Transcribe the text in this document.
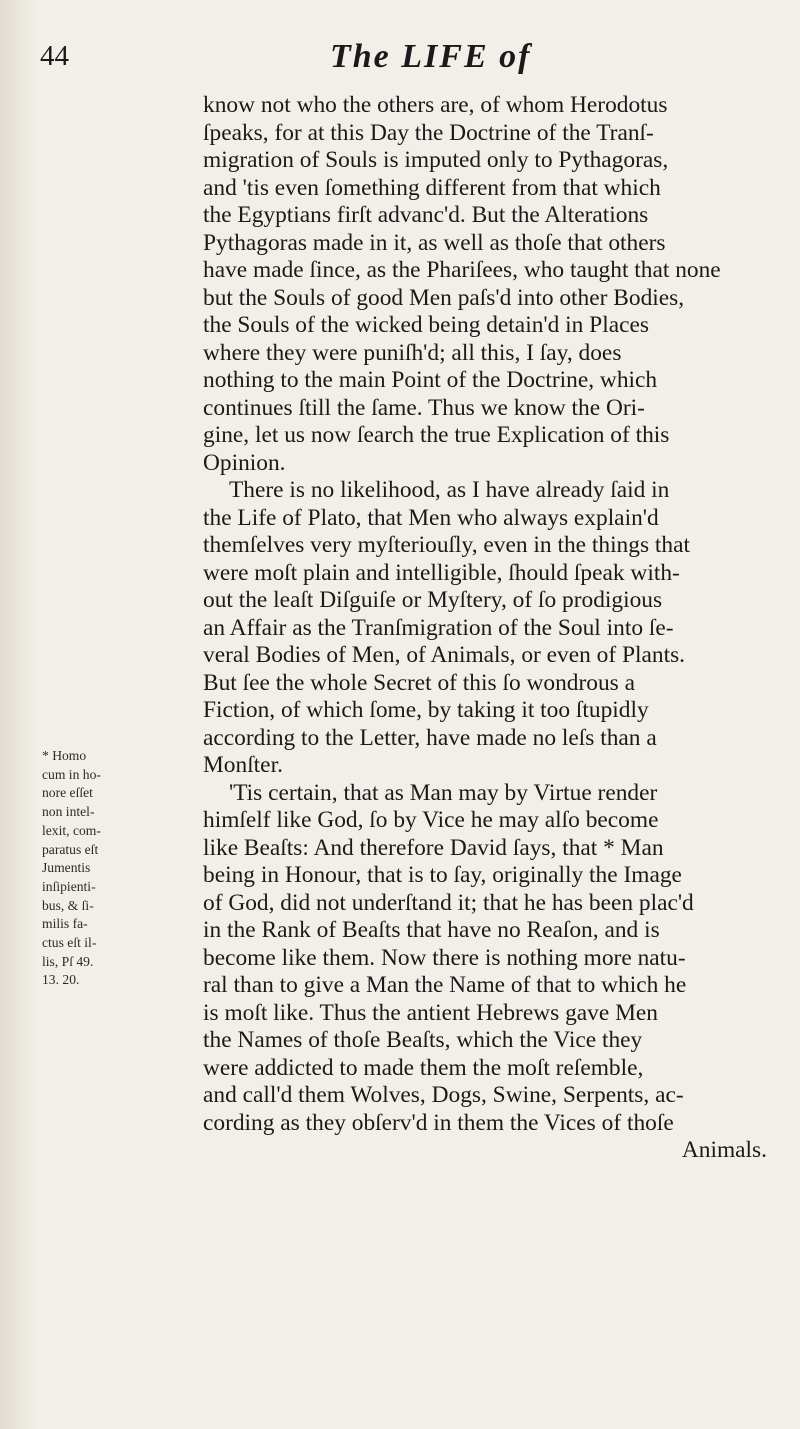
44	The LIFE of
know not who the others are, of whom Herodotus
ſpeaks, for at this Day the Doctrine of the Tranſ-
migration of Souls is imputed only to Pythagoras,
and 'tis even ſomething different from that which
the Egyptians firſt advanc'd. But the Alterations
Pythagoras made in it, as well as thoſe that others
have made ſince, as the Phariſees, who taught that none
but the Souls of good Men paſs'd into other Bodies,
the Souls of the wicked being detain'd in Places
where they were puniſh'd; all this, I ſay, does
nothing to the main Point of the Doctrine, which
continues ſtill the ſame. Thus we know the Ori-
gine, let us now ſearch the true Explication of this
Opinion.
There is no likelihood, as I have already ſaid in
the Life of Plato, that Men who always explain'd
themſelves very myſteriouſly, even in the things that
were moſt plain and intelligible, ſhould ſpeak with-
out the leaſt Diſguiſe or Myſtery, of ſo prodigious
an Affair as the Tranſmigration of the Soul into ſe-
veral Bodies of Men, of Animals, or even of Plants.
But ſee the whole Secret of this ſo wondrous a
Fiction, of which ſome, by taking it too ſtupidly
according to the Letter, have made no leſs than a
Monſter.
'Tis certain, that as Man may by Virtue render
himſelf like God, ſo by Vice he may alſo become
like Beaſts: And therefore David ſays, that * Man
being in Honour, that is to ſay, originally the Image
of God, did not underſtand it; that he has been plac'd
in the Rank of Beaſts that have no Reaſon, and is
become like them. Now there is nothing more natu-
ral than to give a Man the Name of that to which he
is moſt like. Thus the antient Hebrews gave Men
the Names of thoſe Beaſts, which the Vice they
were addicted to made them the moſt reſemble,
and call'd them Wolves, Dogs, Swine, Serpents, ac-
cording as they obſerv'd in them the Vices of thoſe
Animals.
* Homo
cum in ho-
nore eſſet
non intel-
lexit, com-
paratus eſt
Jumentis
inſipienti-
bus, & ſi-
milis fa-
ctus eſt il-
lis, Pſ 49.
13. 20.
